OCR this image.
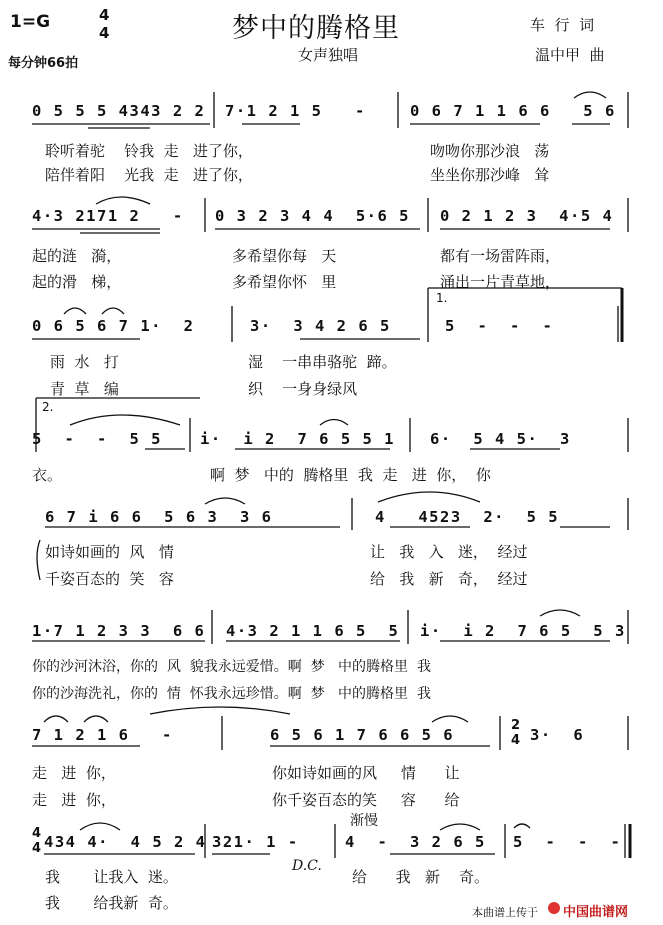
1=G	4
4
每分钟66拍
梦中的腾格里
女声独唱
车  行  词
温中甲  曲
0 5 5 5 4343 2 2 7·1 2 1 5   -	0 6 7 1 1 6 6   5 6
聆听着驼    铃我  走   进了你，	吻吻你那沙浪   荡
陪伴着阳    光我  走   进了你，	坐坐你那沙峰   耸
4·3 2171 2   - 0 3 2 3 4 4  5·6 5 0 2 1 2 3  4·5 4
起的涟   漪，	多希望你每   天	都有一场雷阵雨，
起的滑   梯，	多希望你怀   里	涌出一片青草地，
0 6 5 6 7 1·  2	3·  3 4 2 6 5	5  -  -  -
1.
雨  水   打	湿    一串串骆驼  蹄。
青  草   编	织    一身身绿风
2.
5  -  -  5 5 i·  i 2  7 6 5 5 1 6·  5 4 5·  3
衣。	啊  梦   中的  腾格里  我  走   进  你，  你
6 7 i 6 6  5 6 3  3 6	4   4523  2·  5 5
如诗如画的  风   情	让   我   入   迷，  经过
千姿百态的  笑   容	给   我   新   奇，  经过
1·7 1 2 3 3  6 6 4·3 2 1 1 6 5  5 i·  i 2  7 6 5  5 3
你的沙河沐浴，你的  风  貌我永远爱惜。啊  梦   中的腾格里  我
你的沙海洗礼，你的  情  怀我永远珍惜。啊  梦   中的腾格里  我
7 1 2 1 6   -	6 5 6 1 7 6 6 5 6
2
4 3·  6
走   进  你，	你如诗如画的风     情      让
走   进  你，	你千姿百态的笑     容      给
4
4 434 4·  4 5 2 4 321· 1 -	4  -  3 2 6 5 5  -  -  -
渐慢
D.C.
我       让我入  迷。	给      我   新    奇。
我       给我新  奇。
本曲谱上传于 中国曲谱网
